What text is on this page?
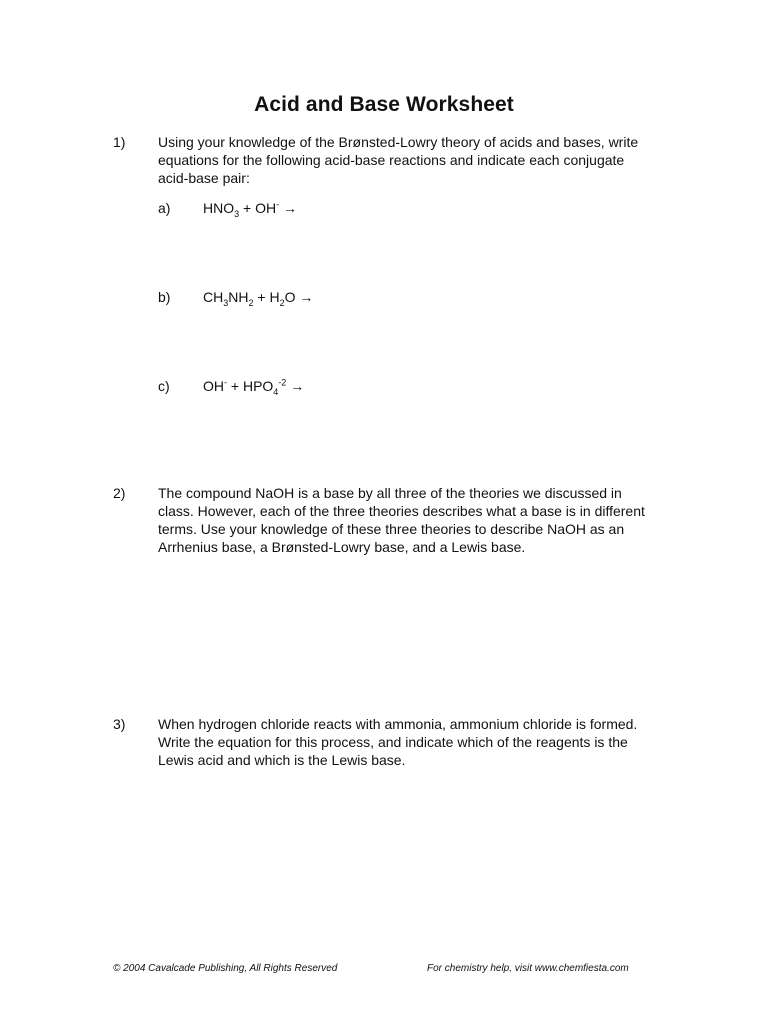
Acid and Base Worksheet
1) Using your knowledge of the Brønsted-Lowry theory of acids and bases, write equations for the following acid-base reactions and indicate each conjugate acid-base pair:
a) $HNO_3 + OH^-$ →
b) $CH_3NH_2 + H_2O$ →
c) $OH^- + HPO_4^{-2}$ →
2) The compound NaOH is a base by all three of the theories we discussed in class. However, each of the three theories describes what a base is in different terms. Use your knowledge of these three theories to describe NaOH as an Arrhenius base, a Brønsted-Lowry base, and a Lewis base.
3) When hydrogen chloride reacts with ammonia, ammonium chloride is formed. Write the equation for this process, and indicate which of the reagents is the Lewis acid and which is the Lewis base.
© 2004 Cavalcade Publishing, All Rights Reserved	For chemistry help, visit www.chemfiesta.com
